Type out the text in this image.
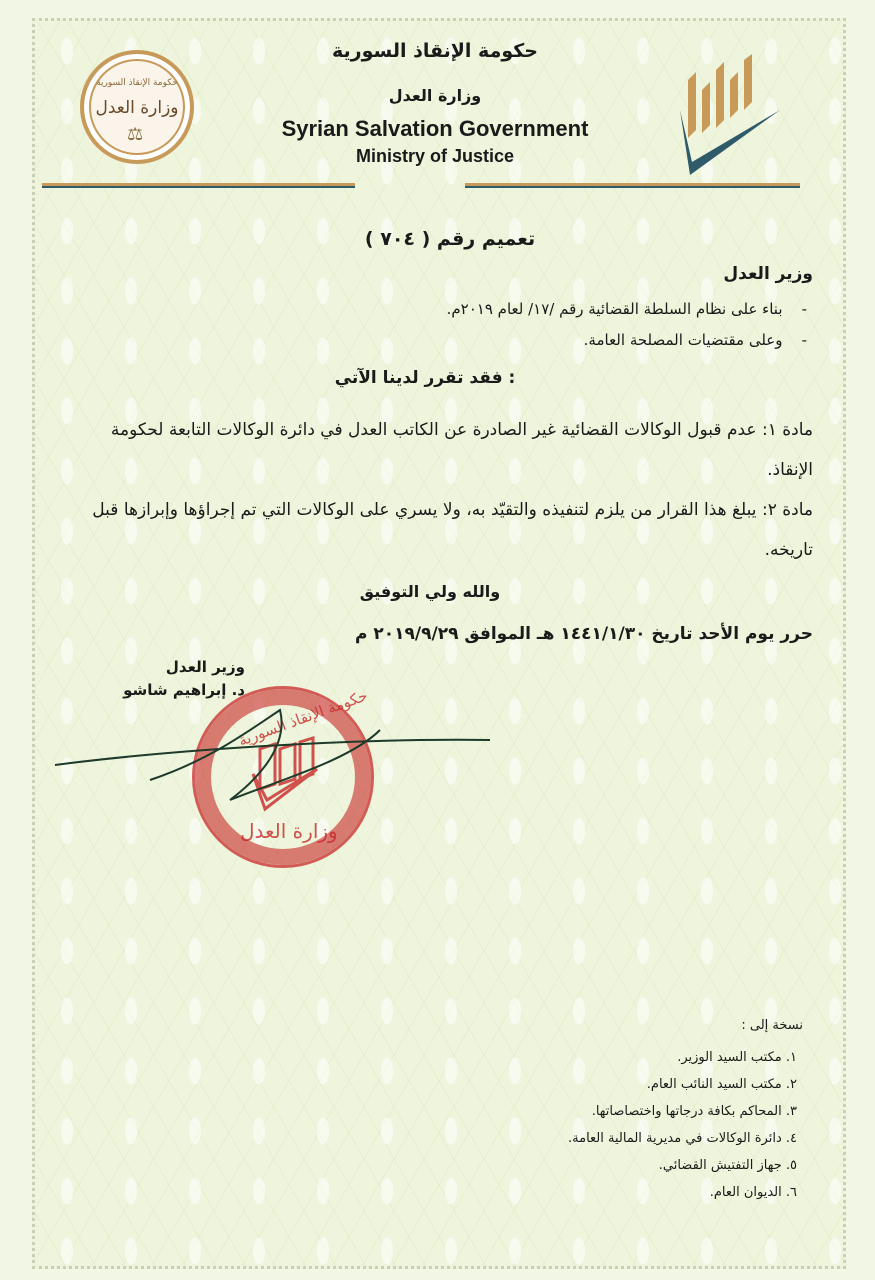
حكومة الإنقاذ السورية
وزارة العدل
⚖
حكومة الإنقاذ السورية
وزارة العدل
Syrian Salvation Government
Ministry of Justice
تعميم رقم ( ٧٠٤ )
وزير العدل
-    بناء على نظام السلطة القضائية رقم /١٧/ لعام ٢٠١٩م.
-    وعلى مقتضيات المصلحة العامة.
فقد تقرر لدينا الآتي :
مادة ١: عدم قبول الوكالات القضائية غير الصادرة عن الكاتب العدل في دائرة الوكالات التابعة لحكومة الإنقاذ.
مادة ٢: يبلغ هذا القرار من يلزم لتنفيذه والتقيّد به، ولا يسري على الوكالات التي تم إجراؤها وإبرازها قبل تاريخه.
والله ولي التوفيق
حرر يوم الأحد تاريخ ١٤٤١/١/٣٠ هـ الموافق ٢٠١٩/٩/٢٩ م
حكومة الإنقاذ السورية
وزارة العدل
وزير العدل
د. إبراهيم شاشو
نسخة إلى :
١. مكتب السيد الوزير.
٢. مكتب السيد النائب العام.
٣. المحاكم بكافة درجاتها واختصاصاتها.
٤. دائرة الوكالات في مديرية المالية العامة.
٥. جهاز التفتيش القضائي.
٦. الديوان العام.
